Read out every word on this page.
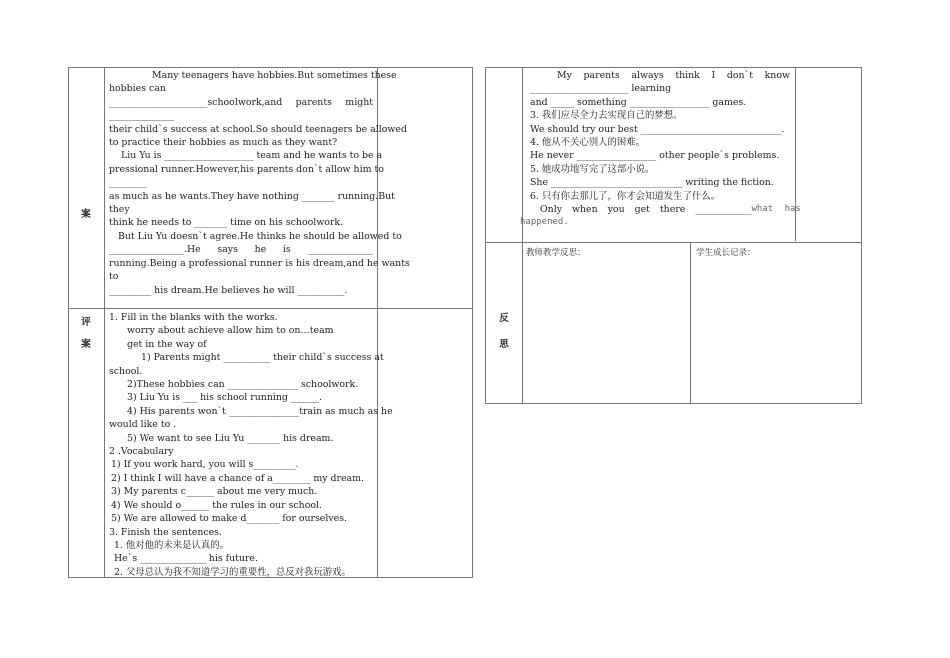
案
评
案
Many teenagers have hobbies.But sometimes these
hobbies can
_____________________schoolwork,and parents might
______________
their child`s success at school.So should teenagers be allowed
to practice their hobbies as much as they want?
Liu Yu is ___________________ team and he wants to be a
pressional runner.However,his parents don`t allow him to
________
as much as he wants.They have nothing _______ running.But
they
think he needs to _______ time on his schoolwork.
But Liu Yu doesn`t agree.He thinks he should be allowed to
________________.He says he is ______________
running.Being a professional runner is his dream,and he wants
to
_________ his dream.He believes he will __________.
1. Fill in the blanks with the works.
worry about achieve allow him to on…team
get in the way of
1) Parents might __________ their child`s success at
school.
2)These hobbies can _______________ schoolwork.
3) Liu Yu is ___ his school running ______.
4) His parents won`t _______________train as much as he
would like to .
5) We want to see Liu Yu _______ his dream.
2 .Vocabulary
1) If you work hard, you will s_________.
2) I think I will have a chance of a________ my dream.
3) My parents c______ about me very much.
4) We should o______ the rules in our school.
5) We are allowed to make d_______ for ourselves.
3. Finish the sentences.
1. 他对他的未来是认真的。
He`s ______________ his future.
2. 父母总认为我不知道学习的重要性，总反对我玩游戏。
My parents always think I don`t know
_____________________ learning
and _____ something _________________ games.
3. 我们应尽全力去实现自己的梦想。
We should try our best ______________________________.
4. 他从不关心别人的困难。
He never _________________ other people`s problems.
5. 她成功地写完了这部小说。
She ____________________________ writing the fiction.
6. 只有你去那儿了，你才会知道发生了什么。
Only when you get there ____________ what has
happened.
反
思
教师教学反思：	学生成长记录：
